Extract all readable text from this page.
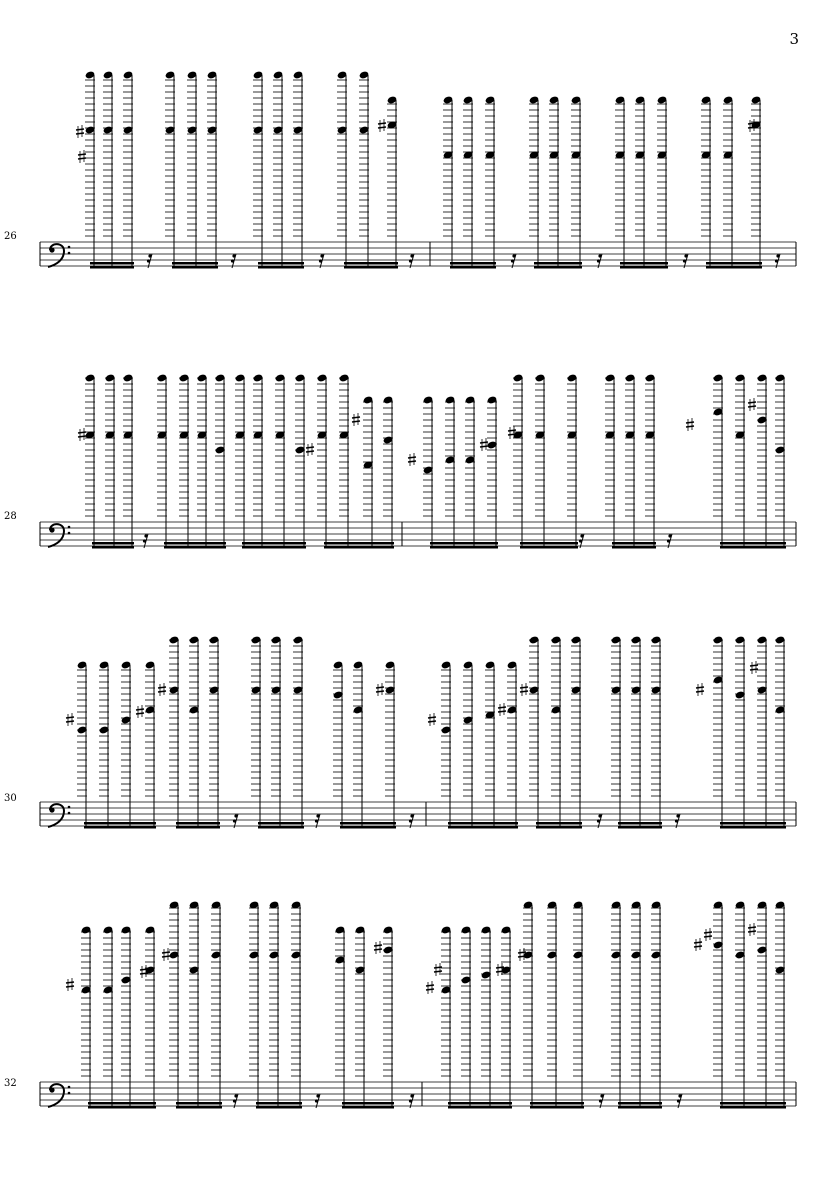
3
26
28
30
32
